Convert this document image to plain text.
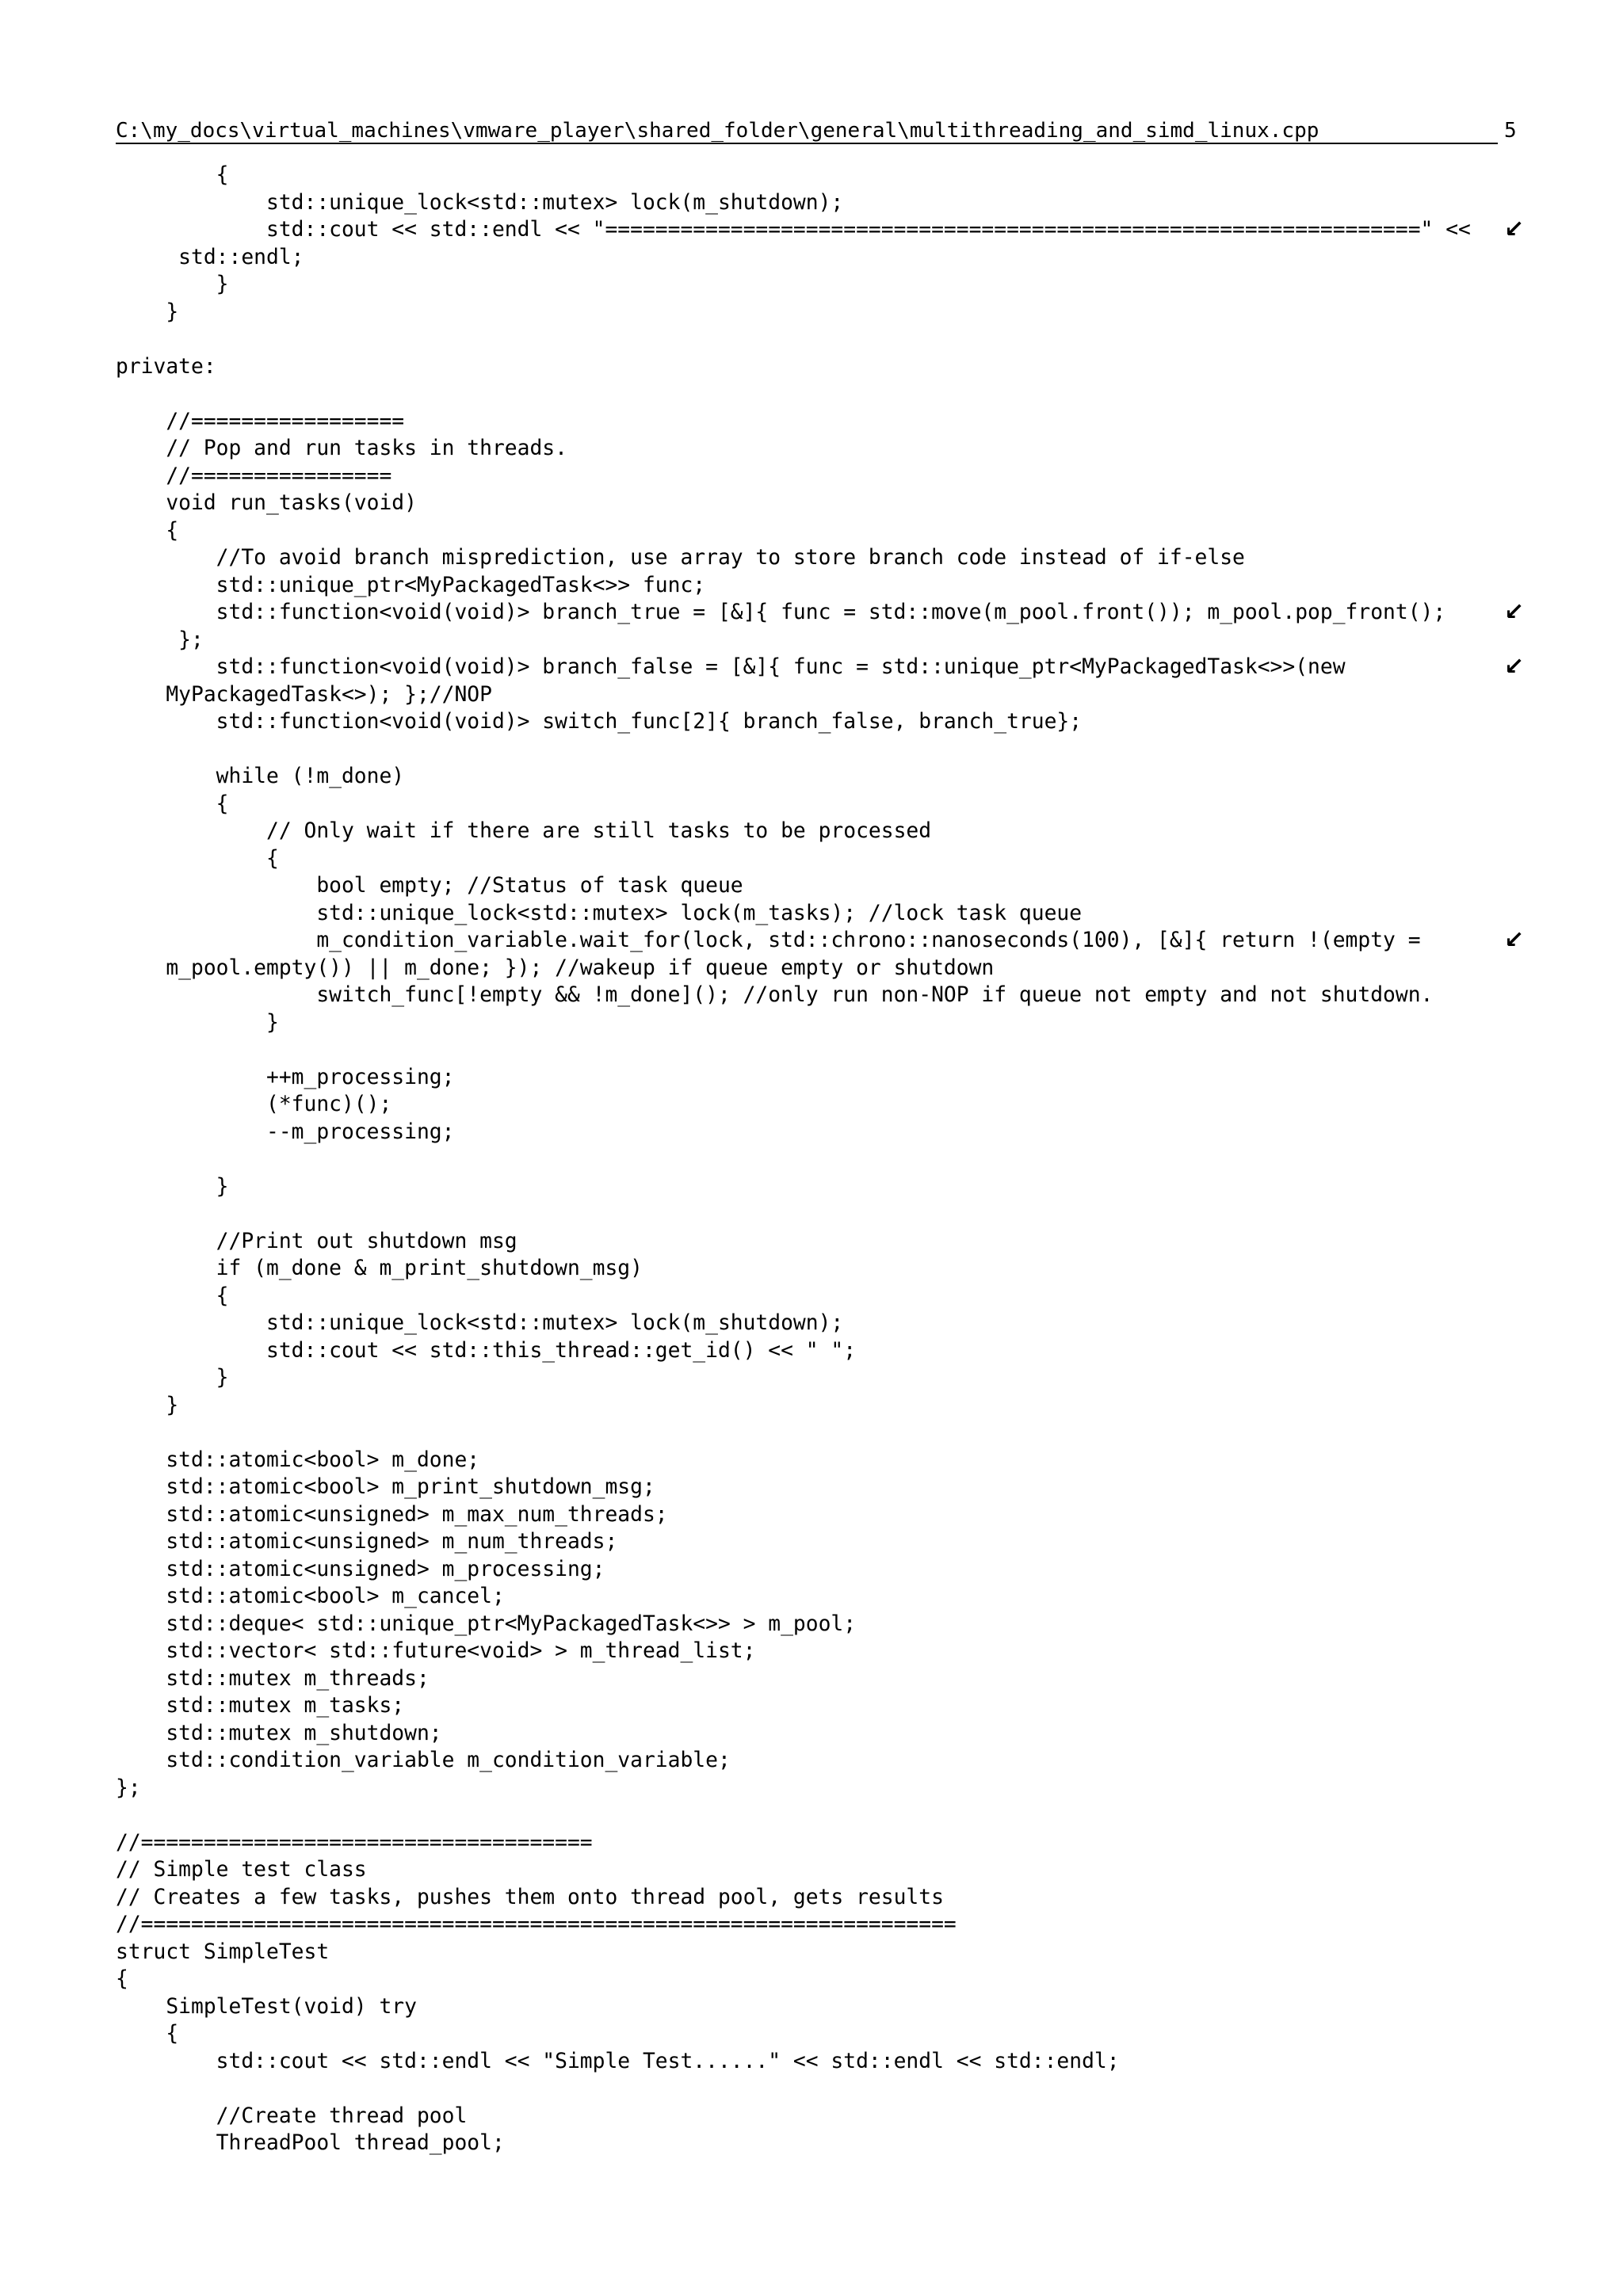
C:\my_docs\virtual_machines\vmware_player\shared_folder\general\multithreading_and_simd_linux.cpp

	5

{
std::unique_lock<std::mutex> lock(m_shutdown);
std::cout << std::endl << "=================================================================" << ↙
std::endl;
}
}
private:
//=================
// Pop and run tasks in threads.
//================
void run_tasks(void)
{
//To avoid branch misprediction, use array to store branch code instead of if-else
std::unique_ptr<MyPackagedTask<>> func;
std::function<void(void)> branch_true = [&]{ func = std::move(m_pool.front()); m_pool.pop_front(); ↙
};
std::function<void(void)> branch_false = [&]{ func = std::unique_ptr<MyPackagedTask<>>(new	↙
MyPackagedTask<>); };//NOP
std::function<void(void)> switch_func[2]{ branch_false, branch_true};
while (!m_done)
{
// Only wait if there are still tasks to be processed
{
bool empty; //Status of task queue
std::unique_lock<std::mutex> lock(m_tasks); //lock task queue
m_condition_variable.wait_for(lock, std::chrono::nanoseconds(100), [&]{ return !(empty =	↙
m_pool.empty()) || m_done; }); //wakeup if queue empty or shutdown
switch_func[!empty && !m_done](); //only run non-NOP if queue not empty and not shutdown.
}
++m_processing;
(*func)();
--m_processing;
}
//Print out shutdown msg
if (m_done & m_print_shutdown_msg)
{
std::unique_lock<std::mutex> lock(m_shutdown);
std::cout << std::this_thread::get_id() << " ";
}
}
std::atomic<bool> m_done;
std::atomic<bool> m_print_shutdown_msg;
std::atomic<unsigned> m_max_num_threads;
std::atomic<unsigned> m_num_threads;
std::atomic<unsigned> m_processing;
std::atomic<bool> m_cancel;
std::deque< std::unique_ptr<MyPackagedTask<>> > m_pool;
std::vector< std::future<void> > m_thread_list;
std::mutex m_threads;
std::mutex m_tasks;
std::mutex m_shutdown;
std::condition_variable m_condition_variable;
};
//====================================
// Simple test class
// Creates a few tasks, pushes them onto thread pool, gets results
//=================================================================
struct SimpleTest
{
SimpleTest(void) try
{
std::cout << std::endl << "Simple Test......" << std::endl << std::endl;
//Create thread pool
ThreadPool thread_pool;
